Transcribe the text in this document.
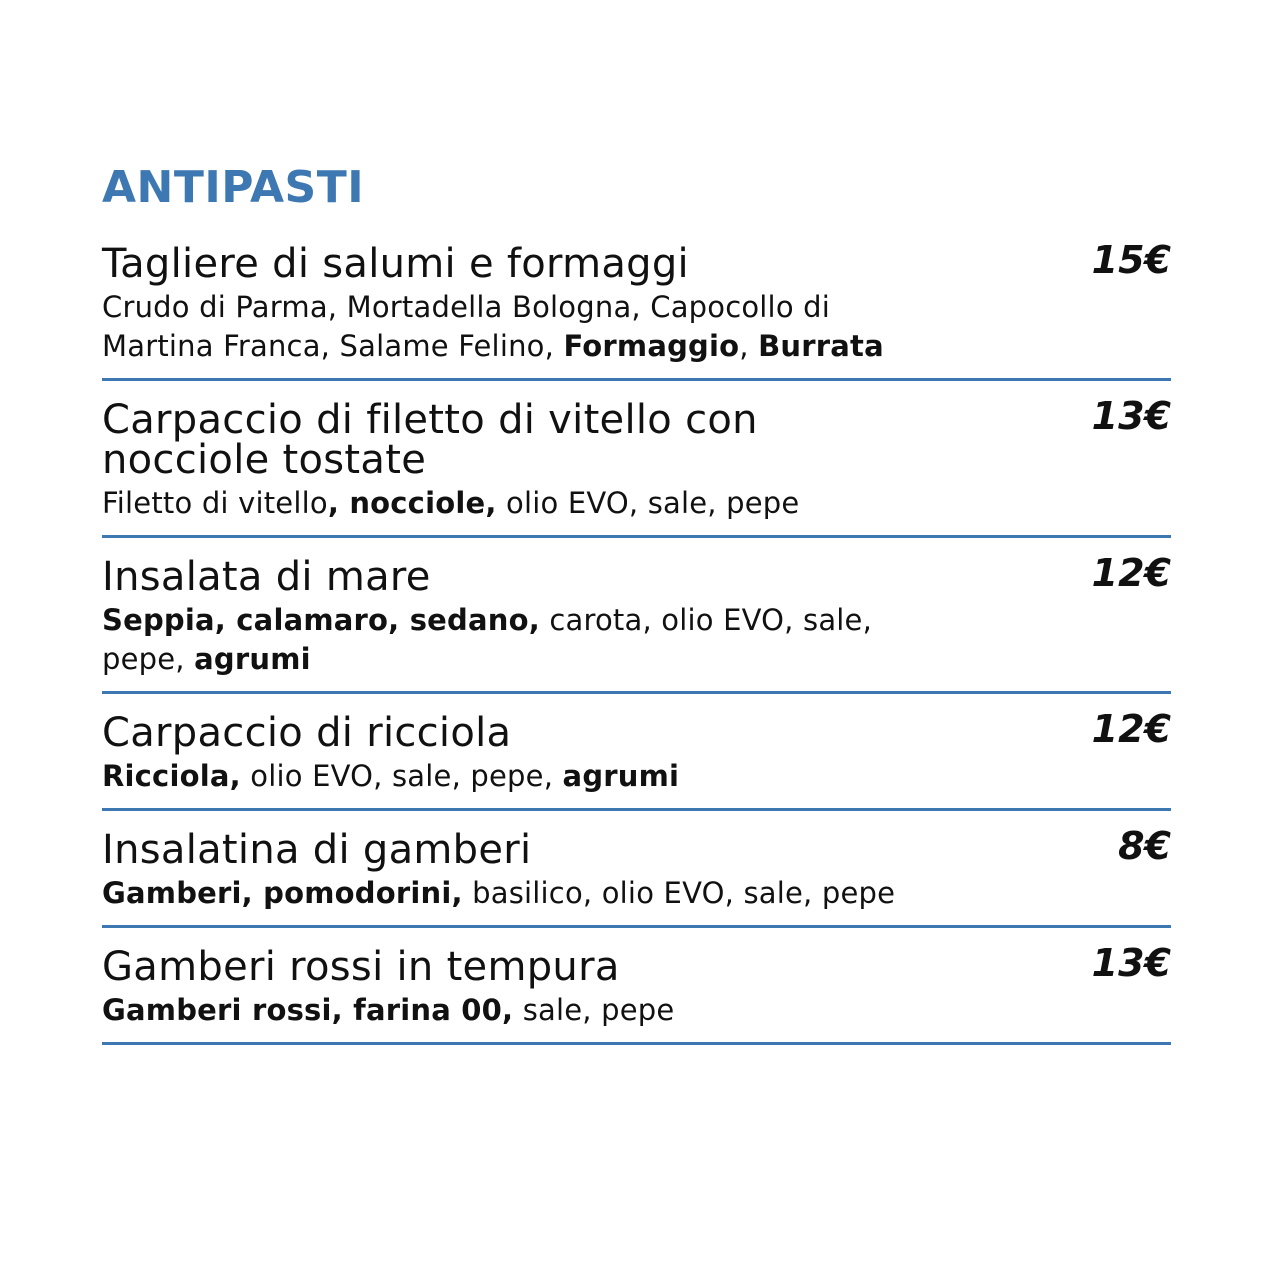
ANTIPASTI

Tagliere di salumi e formaggi

Crudo di Parma, Mortadella Bologna, Capocollo di Martina Franca, Salame Felino, Formaggio, Burrata

15€

Carpaccio di filetto di vitello con nocciole tostate

Filetto di vitello, nocciole, olio EVO, sale, pepe

13€

Insalata di mare

Seppia, calamaro, sedano, carota, olio EVO, sale, pepe, agrumi

12€

Carpaccio di ricciola

Ricciola, olio EVO, sale, pepe, agrumi

12€

Insalatina di gamberi

Gamberi, pomodorini, basilico, olio EVO, sale, pepe

8€

Gamberi rossi in tempura

Gamberi rossi, farina 00, sale, pepe

13€
